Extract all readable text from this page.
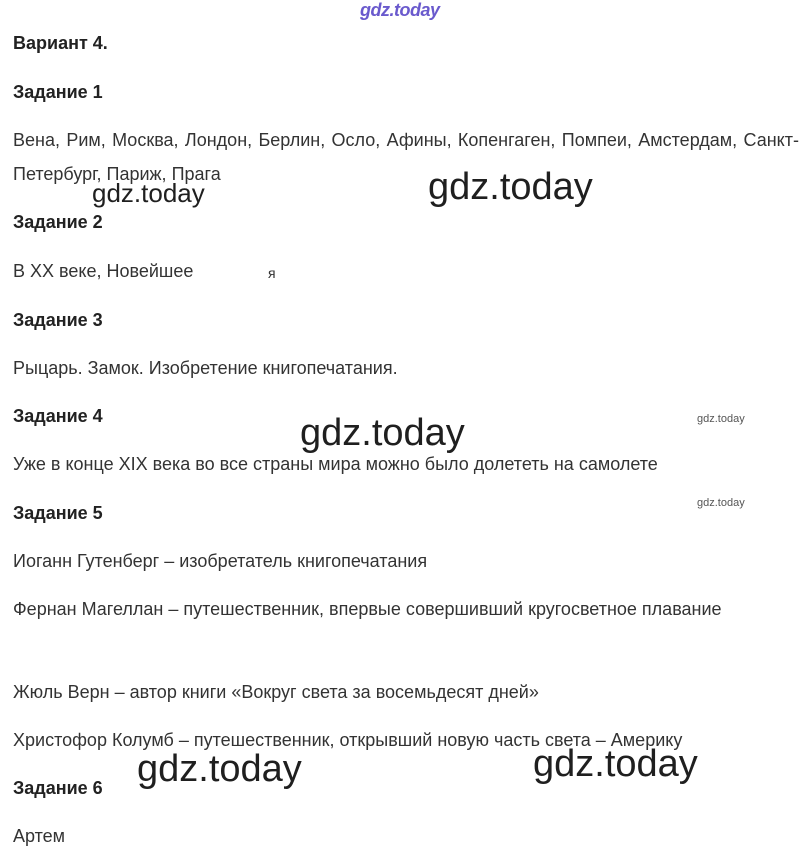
gdz.today
Вариант 4.
Задание 1
Вена, Рим, Москва, Лондон, Берлин, Осло, Афины, Копенгаген, Помпеи, Амстердам, Санкт-Петербург, Париж, Прага
Задание 2
В XX веке, Новейшее	я
Задание 3
Рыцарь. Замок. Изобретение книгопечатания.
Задание 4
Уже в конце XIX века во все страны мира можно было долететь на самолете
Задание 5
Иоганн Гутенберг – изобретатель книгопечатания
Фернан Магеллан – путешественник, впервые совершивший кругосветное плавание
Жюль Верн – автор книги «Вокруг света за восемьдесят дней»
Христофор Колумб – путешественник, открывший новую часть света – Америку
Задание 6
Артем
gdz.today	gdz.today
gdz.today	gdz.today
gdz.today
gdz.today	gdz.today
